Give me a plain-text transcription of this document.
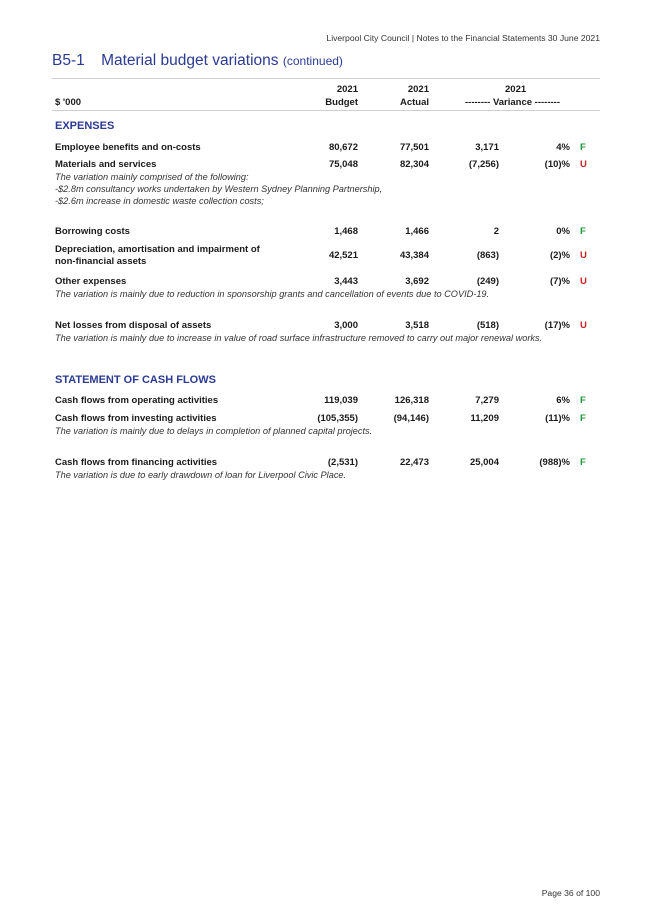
Liverpool City Council | Notes to the Financial Statements 30 June 2021
B5-1 Material budget variations (continued)
2021	2021	2021
$ '000	Budget	Actual	-------- Variance --------
EXPENSES
Employee benefits and on-costs	80,672	77,501	3,171	4% F
Materials and services	75,048	82,304	(7,256)	(10)% U
The variation mainly comprised of the following:
-$2.8m consultancy works undertaken by Western Sydney Planning Partnership,
-$2.6m increase in domestic waste collection costs;
Borrowing costs	1,468	1,466	2	0% F
Depreciation, amortisation and impairment of
non-financial assets
42,521	43,384	(863)	(2)% U
Other expenses	3,443	3,692	(249)	(7)% U
The variation is mainly due to reduction in sponsorship grants and cancellation of events due to COVID-19.
Net losses from disposal of assets	3,000	3,518	(518)	(17)% U
The variation is mainly due to increase in value of road surface infrastructure removed to carry out major renewal works.
STATEMENT OF CASH FLOWS
Cash flows from operating activities	119,039	126,318	7,279	6% F
Cash flows from investing activities	(105,355)	(94,146)	11,209	(11)% F
The variation is mainly due to delays in completion of planned capital projects.
Cash flows from financing activities	(2,531)	22,473	25,004	(988)% F
The variation is due to early drawdown of loan for Liverpool Civic Place.
Page 36 of 100
